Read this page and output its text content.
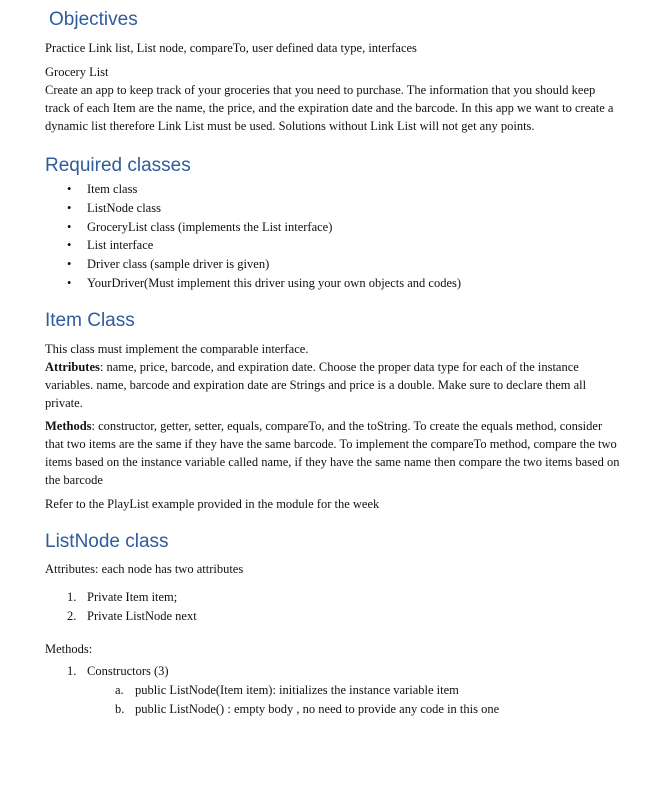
Objectives

Practice Link list, List node, compareTo, user defined data type, interfaces

Grocery List

Create an app to keep track of your groceries that you need to purchase. The information that you should keep track of each Item are the name, the price, and the expiration date and the barcode. In this app we want to create a dynamic list therefore Link List must be used. Solutions without Link List will not get any points.

Required classes
• Item class
• ListNode class
• GroceryList class (implements the List interface)
• List interface
• Driver class (sample driver is given)
• YourDriver(Must implement this driver using your own objects and codes)
Item Class

This class must implement the comparable interface.

Attributes: name, price, barcode, and expiration date. Choose the proper data type for each of the instance variables. name, barcode and expiration date are Strings and price is a double. Make sure to declare them all private.

Methods: constructor, getter, setter, equals, compareTo, and the toString. To create the equals method, consider that two items are the same if they have the same barcode. To implement the compareTo method, compare the two items based on the instance variable called name, if they have the same name then compare the two items based on the barcode

Refer to the PlayList example provided in the module for the week

ListNode class

Attributes: each node has two attributes

1. Private Item item;
2. Private ListNode next

Methods:

1. Constructors (3)
a. public ListNode(Item item): initializes the instance variable item
b. public ListNode() : empty body , no need to provide any code in this one
